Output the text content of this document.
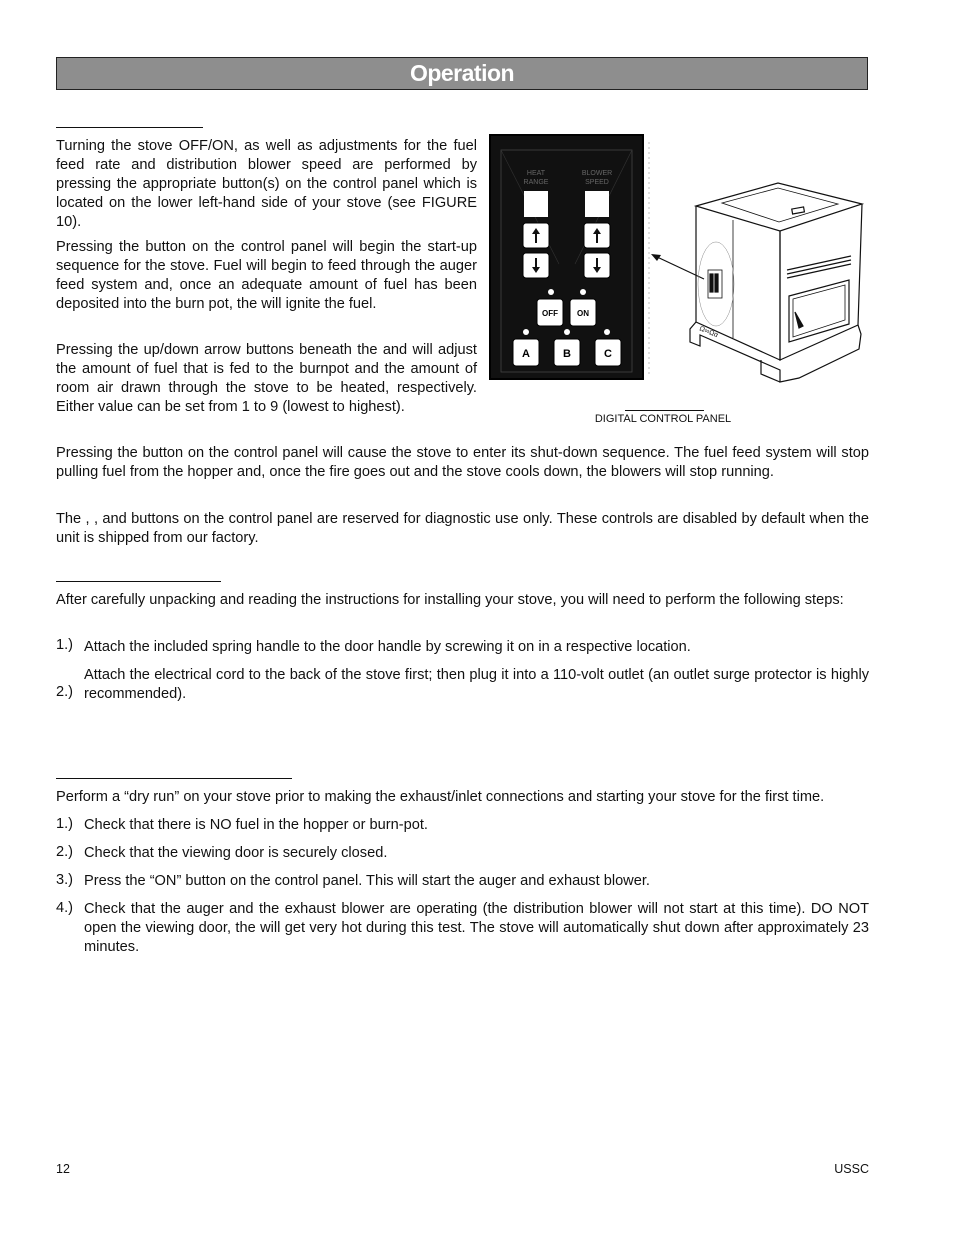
Operation

Turning the stove OFF/ON, as well as adjustments for the fuel feed rate and distribution blower speed are performed by pressing the appropriate button(s) on the control panel which is located on the lower left-hand side of your stove (see FIGURE 10).

Pressing the button on the control panel will begin the start-up sequence for the stove. Fuel will begin to feed through the auger feed system and, once an adequate amount of fuel has been deposited into the burn pot, the will ignite the fuel.

Pressing the up/down arrow buttons beneath the and will adjust the amount of fuel that is fed to the burnpot and the amount of room air drawn through the stove to be heated, respectively. Either value can be set from 1 to 9 (lowest to highest).

Pressing the button on the control panel will cause the stove to enter its shut-down sequence. The fuel feed system will stop pulling fuel from the hopper and, once the fire goes out and the stove cools down, the blowers will stop running.

The , , and buttons on the control panel are reserved for diagnostic use only. These controls are disabled by default when the unit is shipped from our factory.

HEAT
RANGE
BLOWER
SPEED
OFF ON
A	B	C
Ω∞Ωα
DIGITAL CONTROL PANEL

After carefully unpacking and reading the instructions for installing your stove, you will need to perform the following steps:

1.) Attach the included spring handle to the door handle by screwing it on in a respective location.

2.)

Attach the electrical cord to the back of the stove first; then plug it into a 110-volt outlet (an outlet surge protector is highly recommended).

Perform a “dry run” on your stove prior to making the exhaust/inlet connections and starting your stove for the first time.

1.) Check that there is NO fuel in the hopper or burn-pot.

2.) Check that the viewing door is securely closed.

3.) Press the “ON” button on the control panel. This will start the auger and exhaust blower.

4.) Check that the auger and the exhaust blower are operating (the distribution blower will not start at this time). DO NOT open the viewing door, the will get very hot during this test. The stove will automatically shut down after approximately 23 minutes.

12	USSC
